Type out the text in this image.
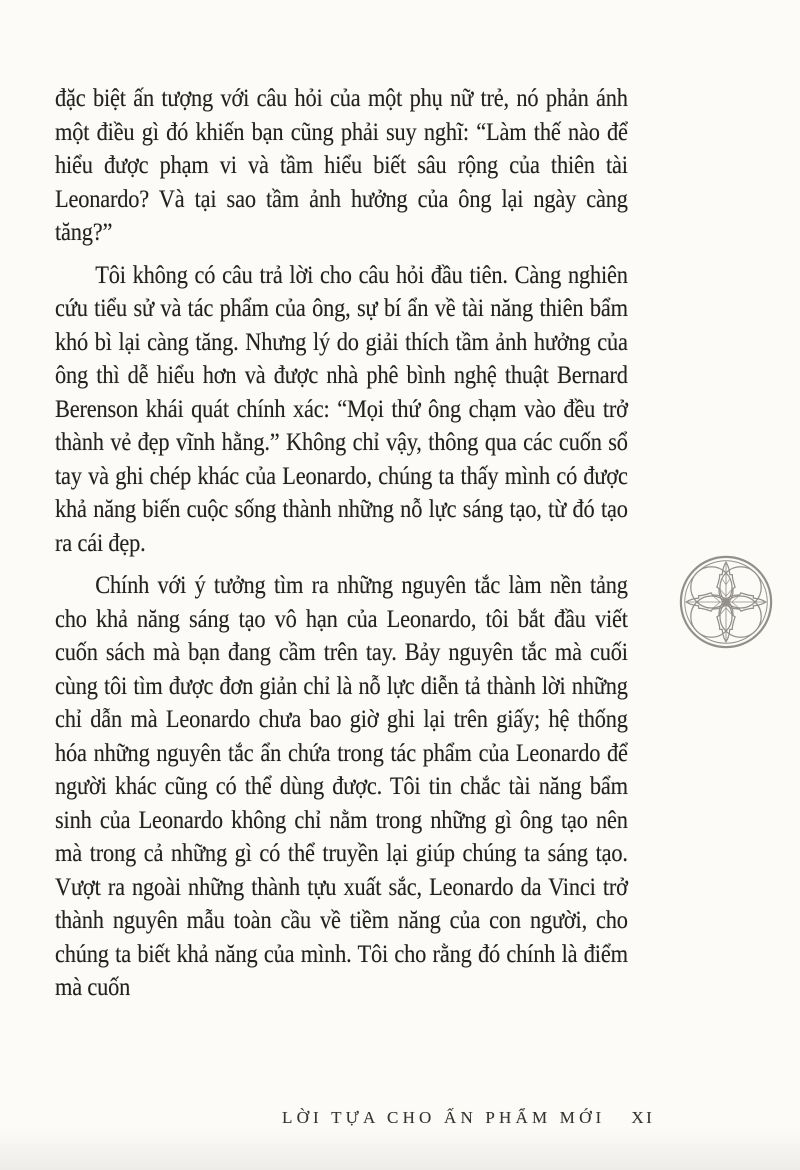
đặc biệt ấn tượng với câu hỏi của một phụ nữ trẻ, nó phản ánh một điều gì đó khiến bạn cũng phải suy nghĩ: “Làm thế nào để hiểu được phạm vi và tầm hiểu biết sâu rộng của thiên tài Leonardo? Và tại sao tầm ảnh hưởng của ông lại ngày càng tăng?”

Tôi không có câu trả lời cho câu hỏi đầu tiên. Càng nghiên cứu tiểu sử và tác phẩm của ông, sự bí ẩn về tài năng thiên bẩm khó bì lại càng tăng. Nhưng lý do giải thích tầm ảnh hưởng của ông thì dễ hiểu hơn và được nhà phê bình nghệ thuật Bernard Berenson khái quát chính xác: “Mọi thứ ông chạm vào đều trở thành vẻ đẹp vĩnh hằng.” Không chỉ vậy, thông qua các cuốn sổ tay và ghi chép khác của Leonardo, chúng ta thấy mình có được khả năng biến cuộc sống thành những nỗ lực sáng tạo, từ đó tạo ra cái đẹp.

Chính với ý tưởng tìm ra những nguyên tắc làm nền tảng cho khả năng sáng tạo vô hạn của Leonardo, tôi bắt đầu viết cuốn sách mà bạn đang cầm trên tay. Bảy nguyên tắc mà cuối cùng tôi tìm được đơn giản chỉ là nỗ lực diễn tả thành lời những chỉ dẫn mà Leonardo chưa bao giờ ghi lại trên giấy; hệ thống hóa những nguyên tắc ẩn chứa trong tác phẩm của Leonardo để người khác cũng có thể dùng được. Tôi tin chắc tài năng bẩm sinh của Leonardo không chỉ nằm trong những gì ông tạo nên mà trong cả những gì có thể truyền lại giúp chúng ta sáng tạo. Vượt ra ngoài những thành tựu xuất sắc, Leonardo da Vinci trở thành nguyên mẫu toàn cầu về tiềm năng của con người, cho chúng ta biết khả năng của mình. Tôi cho rằng đó chính là điểm mà cuốn

LỜI TỰA CHO ẤN PHẨM MỚI XI
